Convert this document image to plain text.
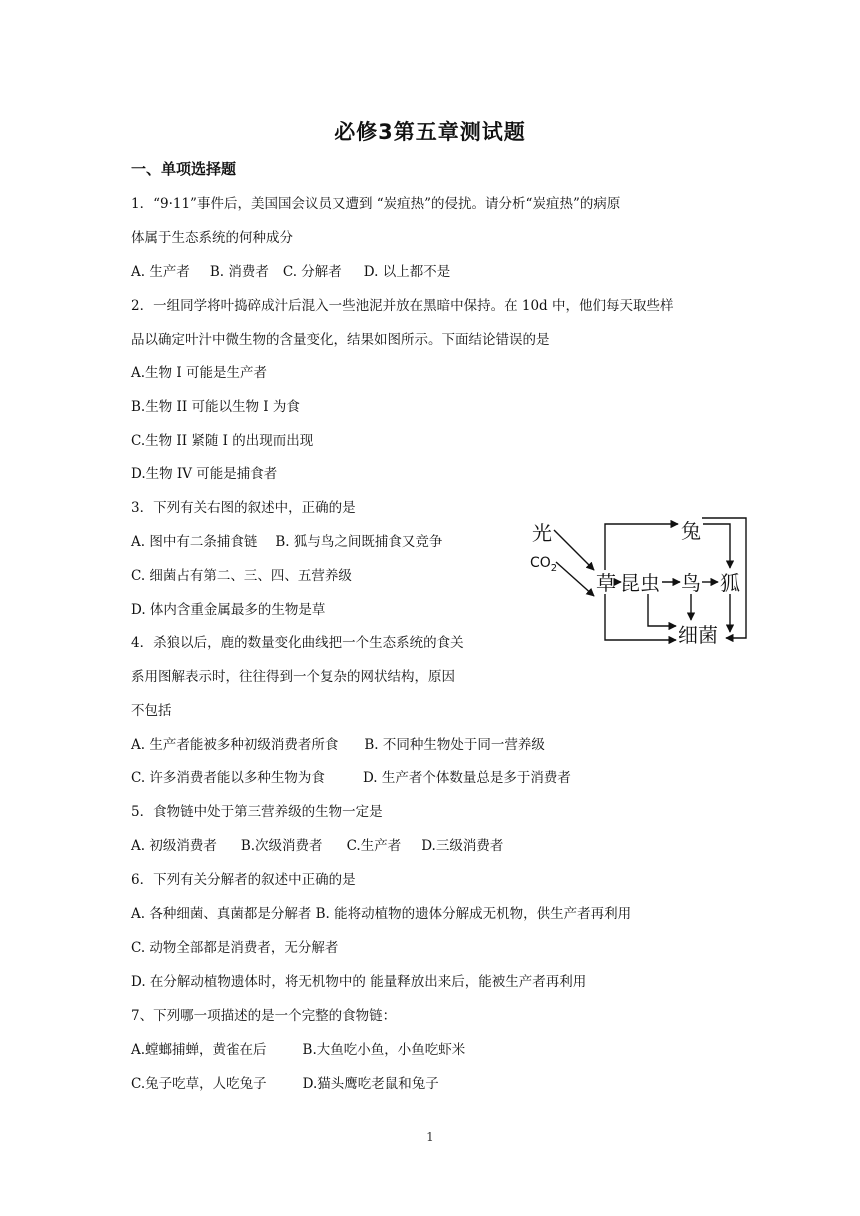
必修3第五章测试题
一、单项选择题
1．“9·11”事件后，美国国会议员又遭到 “炭疽热”的侵扰。请分析“炭疽热”的病原
体属于生态系统的何种成分
A. 生产者 B. 消费者 C. 分解者 D. 以上都不是
2．一组同学将叶捣碎成汁后混入一些池泥并放在黑暗中保持。在 10d 中，他们每天取些样
品以确定叶汁中微生物的含量变化，结果如图所示。下面结论错误的是
A.生物 I 可能是生产者
B.生物 II 可能以生物 I 为食
C.生物 II 紧随 I 的出现而出现
D.生物 IV 可能是捕食者
3．下列有关右图的叙述中，正确的是
A. 图中有二条捕食链 B. 狐与鸟之间既捕食又竞争
C. 细菌占有第二、三、四、五营养级
D. 体内含重金属最多的生物是草
光
$CO_2$
草 昆虫 鸟 狐
兔
细菌
4．杀狼以后，鹿的数量变化曲线把一个生态系统的食关
系用图解表示时，往往得到一个复杂的网状结构，原因
不包括
A. 生产者能被多种初级消费者所食 B. 不同种生物处于同一营养级
C. 许多消费者能以多种生物为食	D. 生产者个体数量总是多于消费者
5．食物链中处于第三营养级的生物一定是
A. 初级消费者 B.次级消费者 C.生产者 D.三级消费者
6．下列有关分解者的叙述中正确的是
A. 各种细菌、真菌都是分解者 B. 能将动植物的遗体分解成无机物，供生产者再利用
C. 动物全部都是消费者，无分解者
D. 在分解动植物遗体时，将无机物中的 能量释放出来后，能被生产者再利用
7、下列哪一项描述的是一个完整的食物链：
A.螳螂捕蝉，黄雀在后	B.大鱼吃小鱼，小鱼吃虾米
C.兔子吃草，人吃兔子	D.猫头鹰吃老鼠和兔子
1
